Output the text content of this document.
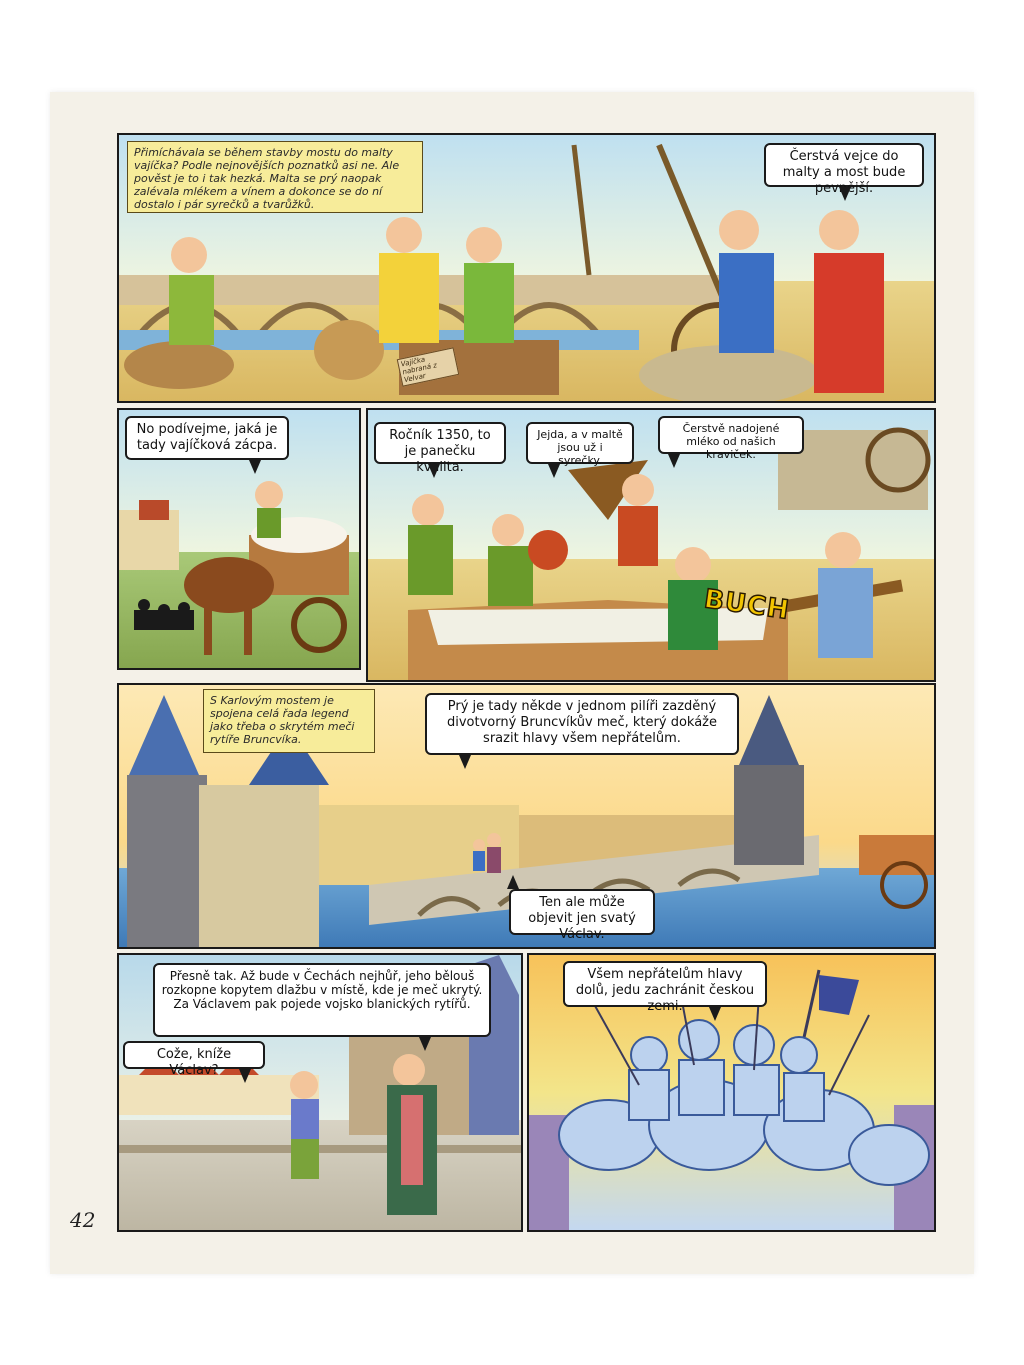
Přimíchávala se během stavby mostu do malty vajíčka? Podle nejnovějších poznatků asi ne. Ale pověst je to i tak hezká. Malta se prý naopak zalévala mlékem a vínem a dokonce se do ní dostalo i pár syrečků a tvarůžků.
Čerstvá vejce do malty a most bude pevnější.
Vajíčka nabraná z Velvar
No podívejme, jaká je tady vajíčková zácpa.
Ročník 1350, to je panečku kvalita.
Jejda, a v maltě jsou už i syrečky.
Čerstvě nadojené mléko od našich kraviček.
BUCH
S Karlovým mostem je spojena celá řada legend jako třeba o skrytém meči rytíře Bruncvíka.
Prý je tady někde v jednom pilíři zazděný divotvorný Bruncvíkův meč, který dokáže srazit hlavy všem nepřátelům.
Ten ale může objevit jen svatý Václav.
Přesně tak. Až bude v Čechách nejhůř, jeho bělouš rozkopne kopytem dlažbu v místě, kde je meč ukrytý. Za Václavem pak pojede vojsko blanických rytířů.
Cože, kníže Václav?
Všem nepřátelům hlavy dolů, jedu zachránit českou zemi.
42
